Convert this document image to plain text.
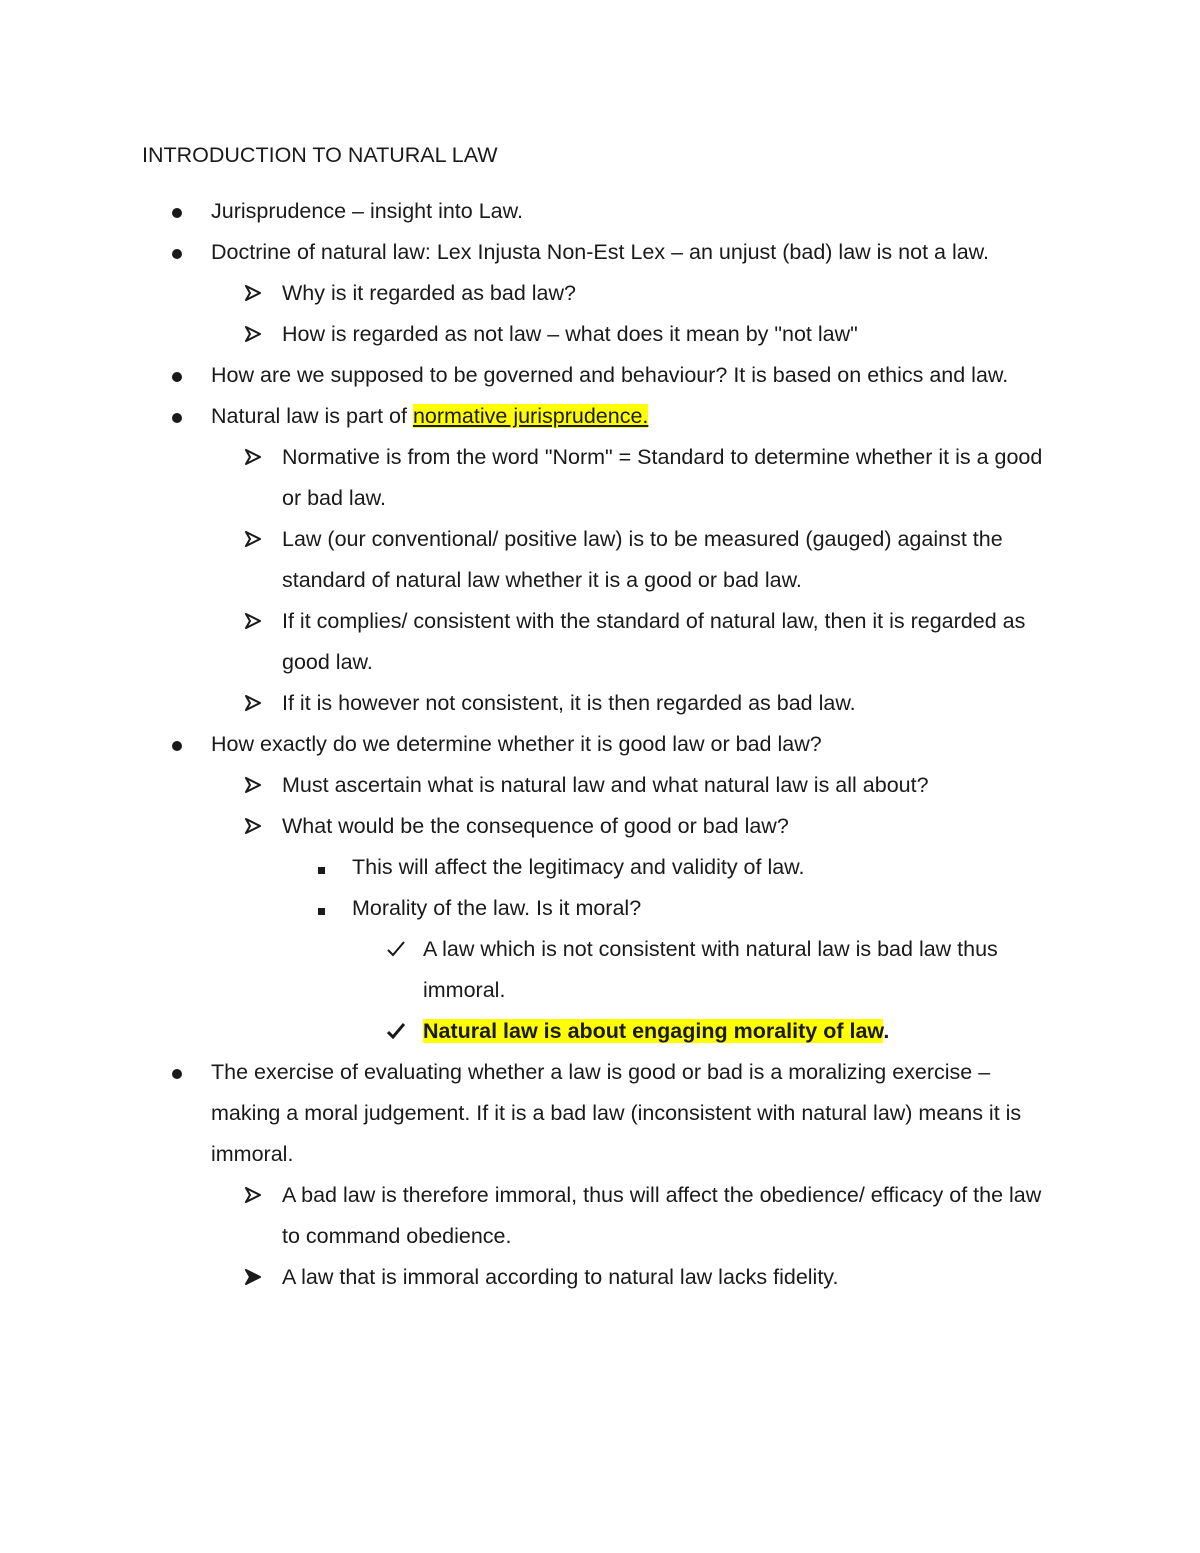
INTRODUCTION TO NATURAL LAW
Jurisprudence – insight into Law.
Doctrine of natural law: Lex Injusta Non-Est Lex – an unjust (bad) law is not a law.
Why is it regarded as bad law?
How is regarded as not law – what does it mean by "not law"
How are we supposed to be governed and behaviour? It is based on ethics and law.
Natural law is part of normative jurisprudence.
Normative is from the word "Norm" = Standard to determine whether it is a good or bad law.
Law (our conventional/ positive law) is to be measured (gauged) against the standard of natural law whether it is a good or bad law.
If it complies/ consistent with the standard of natural law, then it is regarded as good law.
If it is however not consistent, it is then regarded as bad law.
How exactly do we determine whether it is good law or bad law?
Must ascertain what is natural law and what natural law is all about?
What would be the consequence of good or bad law?
This will affect the legitimacy and validity of law.
Morality of the law. Is it moral?
A law which is not consistent with natural law is bad law thus immoral.
Natural law is about engaging morality of law.
The exercise of evaluating whether a law is good or bad is a moralizing exercise – making a moral judgement. If it is a bad law (inconsistent with natural law) means it is immoral.
A bad law is therefore immoral, thus will affect the obedience/ efficacy of the law to command obedience.
A law that is immoral according to natural law lacks fidelity.
